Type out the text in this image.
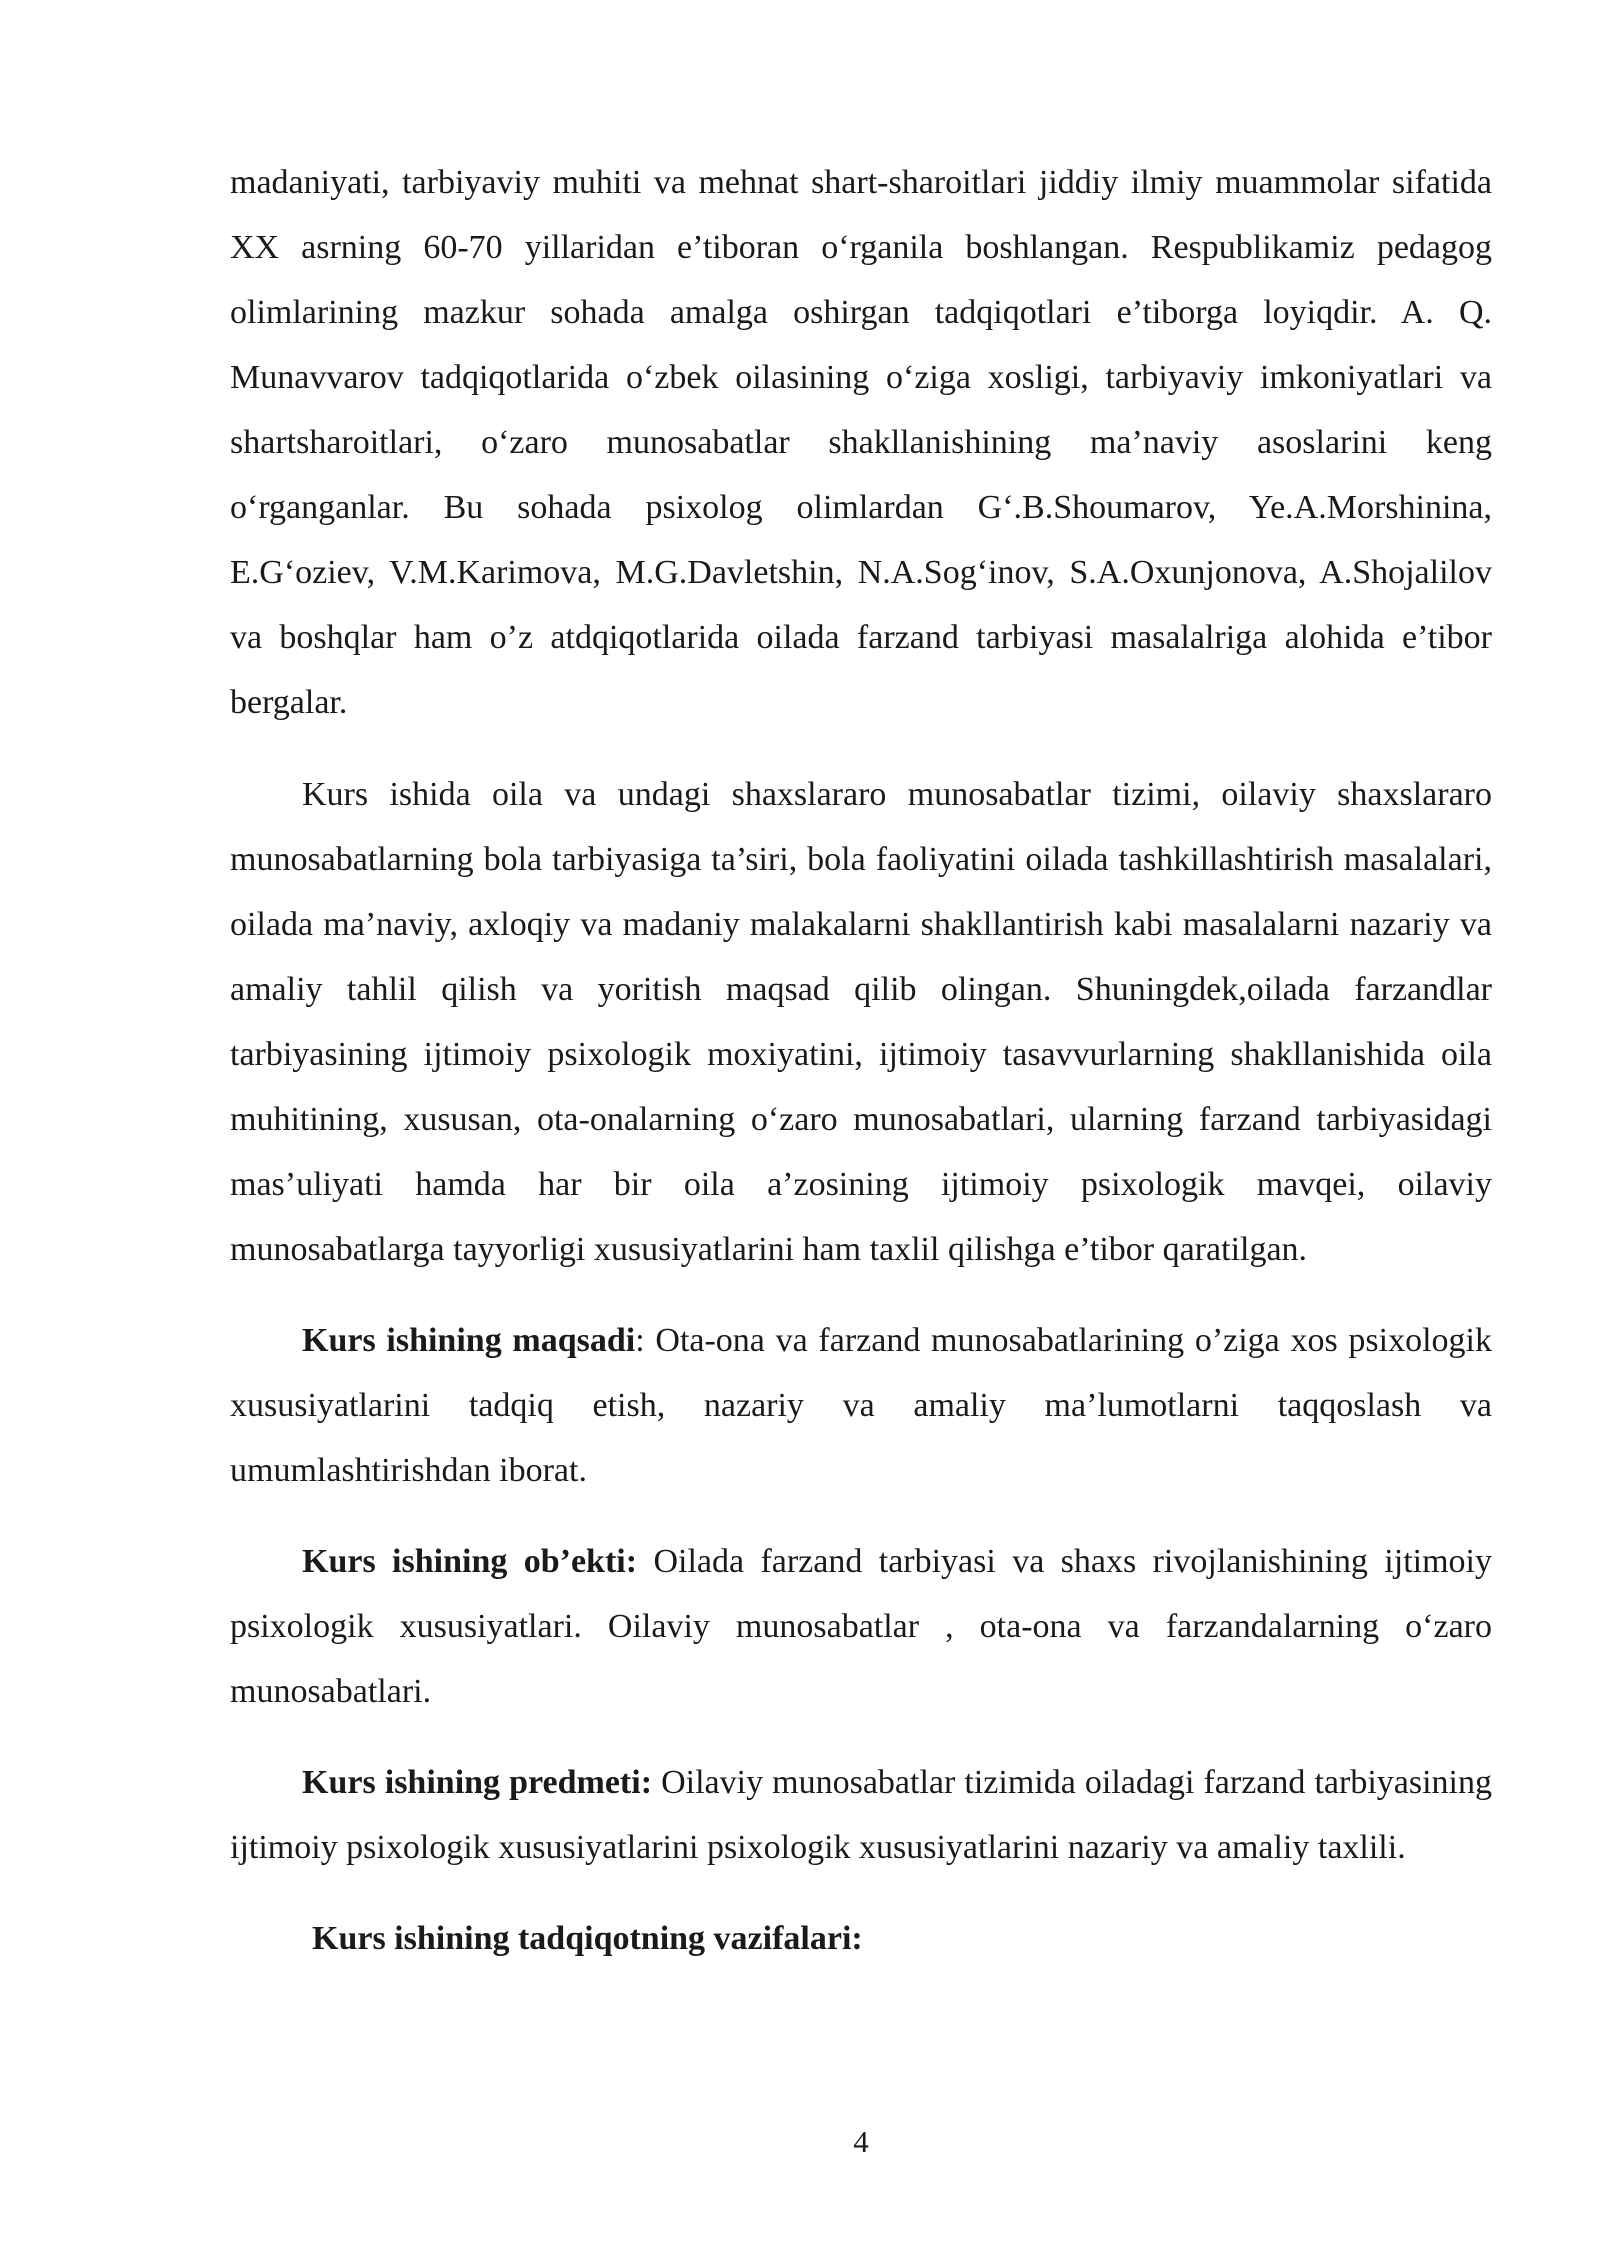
madaniyati, tarbiyaviy muhiti va mehnat shart-sharoitlari jiddiy ilmiy muammolar sifatida XX asrning 60-70 yillaridan e’tiboran o‘rganila boshlangan. Respublikamiz pedagog olimlarining mazkur sohada amalga oshirgan tadqiqotlari e’tiborga loyiqdir. A. Q. Munavvarov tadqiqotlarida o‘zbek oilasining o‘ziga xosligi, tarbiyaviy imkoniyatlari va shartsharoitlari, o‘zaro munosabatlar shakllanishining ma’naviy asoslarini keng o‘rganganlar. Bu sohada psixolog olimlardan G‘.B.Shoumarov, Ye.A.Morshinina, E.G‘oziev, V.M.Karimova, M.G.Davletshin, N.A.Sog‘inov, S.A.Oxunjonova, A.Shojalilov va boshqlar ham o’z atdqiqotlarida oilada farzand tarbiyasi masalalriga alohida e’tibor bergalar.

Kurs ishida oila va undagi shaxslararo munosabatlar tizimi, oilaviy shaxslararo munosabatlarning bola tarbiyasiga ta’siri, bola faoliyatini oilada tashkillashtirish masalalari, oilada ma’naviy, axloqiy va madaniy malakalarni shakllantirish kabi masalalarni nazariy va amaliy tahlil qilish va yoritish maqsad qilib olingan. Shuningdek,oilada farzandlar tarbiyasining ijtimoiy psixologik moxiyatini, ijtimoiy tasavvurlarning shakllanishida oila muhitining, xususan, ota-onalarning o‘zaro munosabatlari, ularning farzand tarbiyasidagi mas’uliyati hamda har bir oila a’zosining ijtimoiy psixologik mavqei, oilaviy munosabatlarga tayyorligi xususiyatlarini ham taxlil qilishga e’tibor qaratilgan.

Kurs ishining maqsadi: Ota-ona va farzand munosabatlarining o’ziga xos psixologik xususiyatlarini tadqiq etish, nazariy va amaliy ma’lumotlarni taqqoslash va umumlashtirishdan iborat.

Kurs ishining ob’ekti: Oilada farzand tarbiyasi va shaxs rivojlanishining ijtimoiy psixologik xususiyatlari. Oilaviy munosabatlar , ota-ona va farzandalarning o‘zaro munosabatlari.

Kurs ishining predmeti: Oilaviy munosabatlar tizimida oiladagi farzand tarbiyasining ijtimoiy psixologik xususiyatlarini psixologik xususiyatlarini nazariy va amaliy taxlili.

Kurs ishining tadqiqotning vazifalari:

4
